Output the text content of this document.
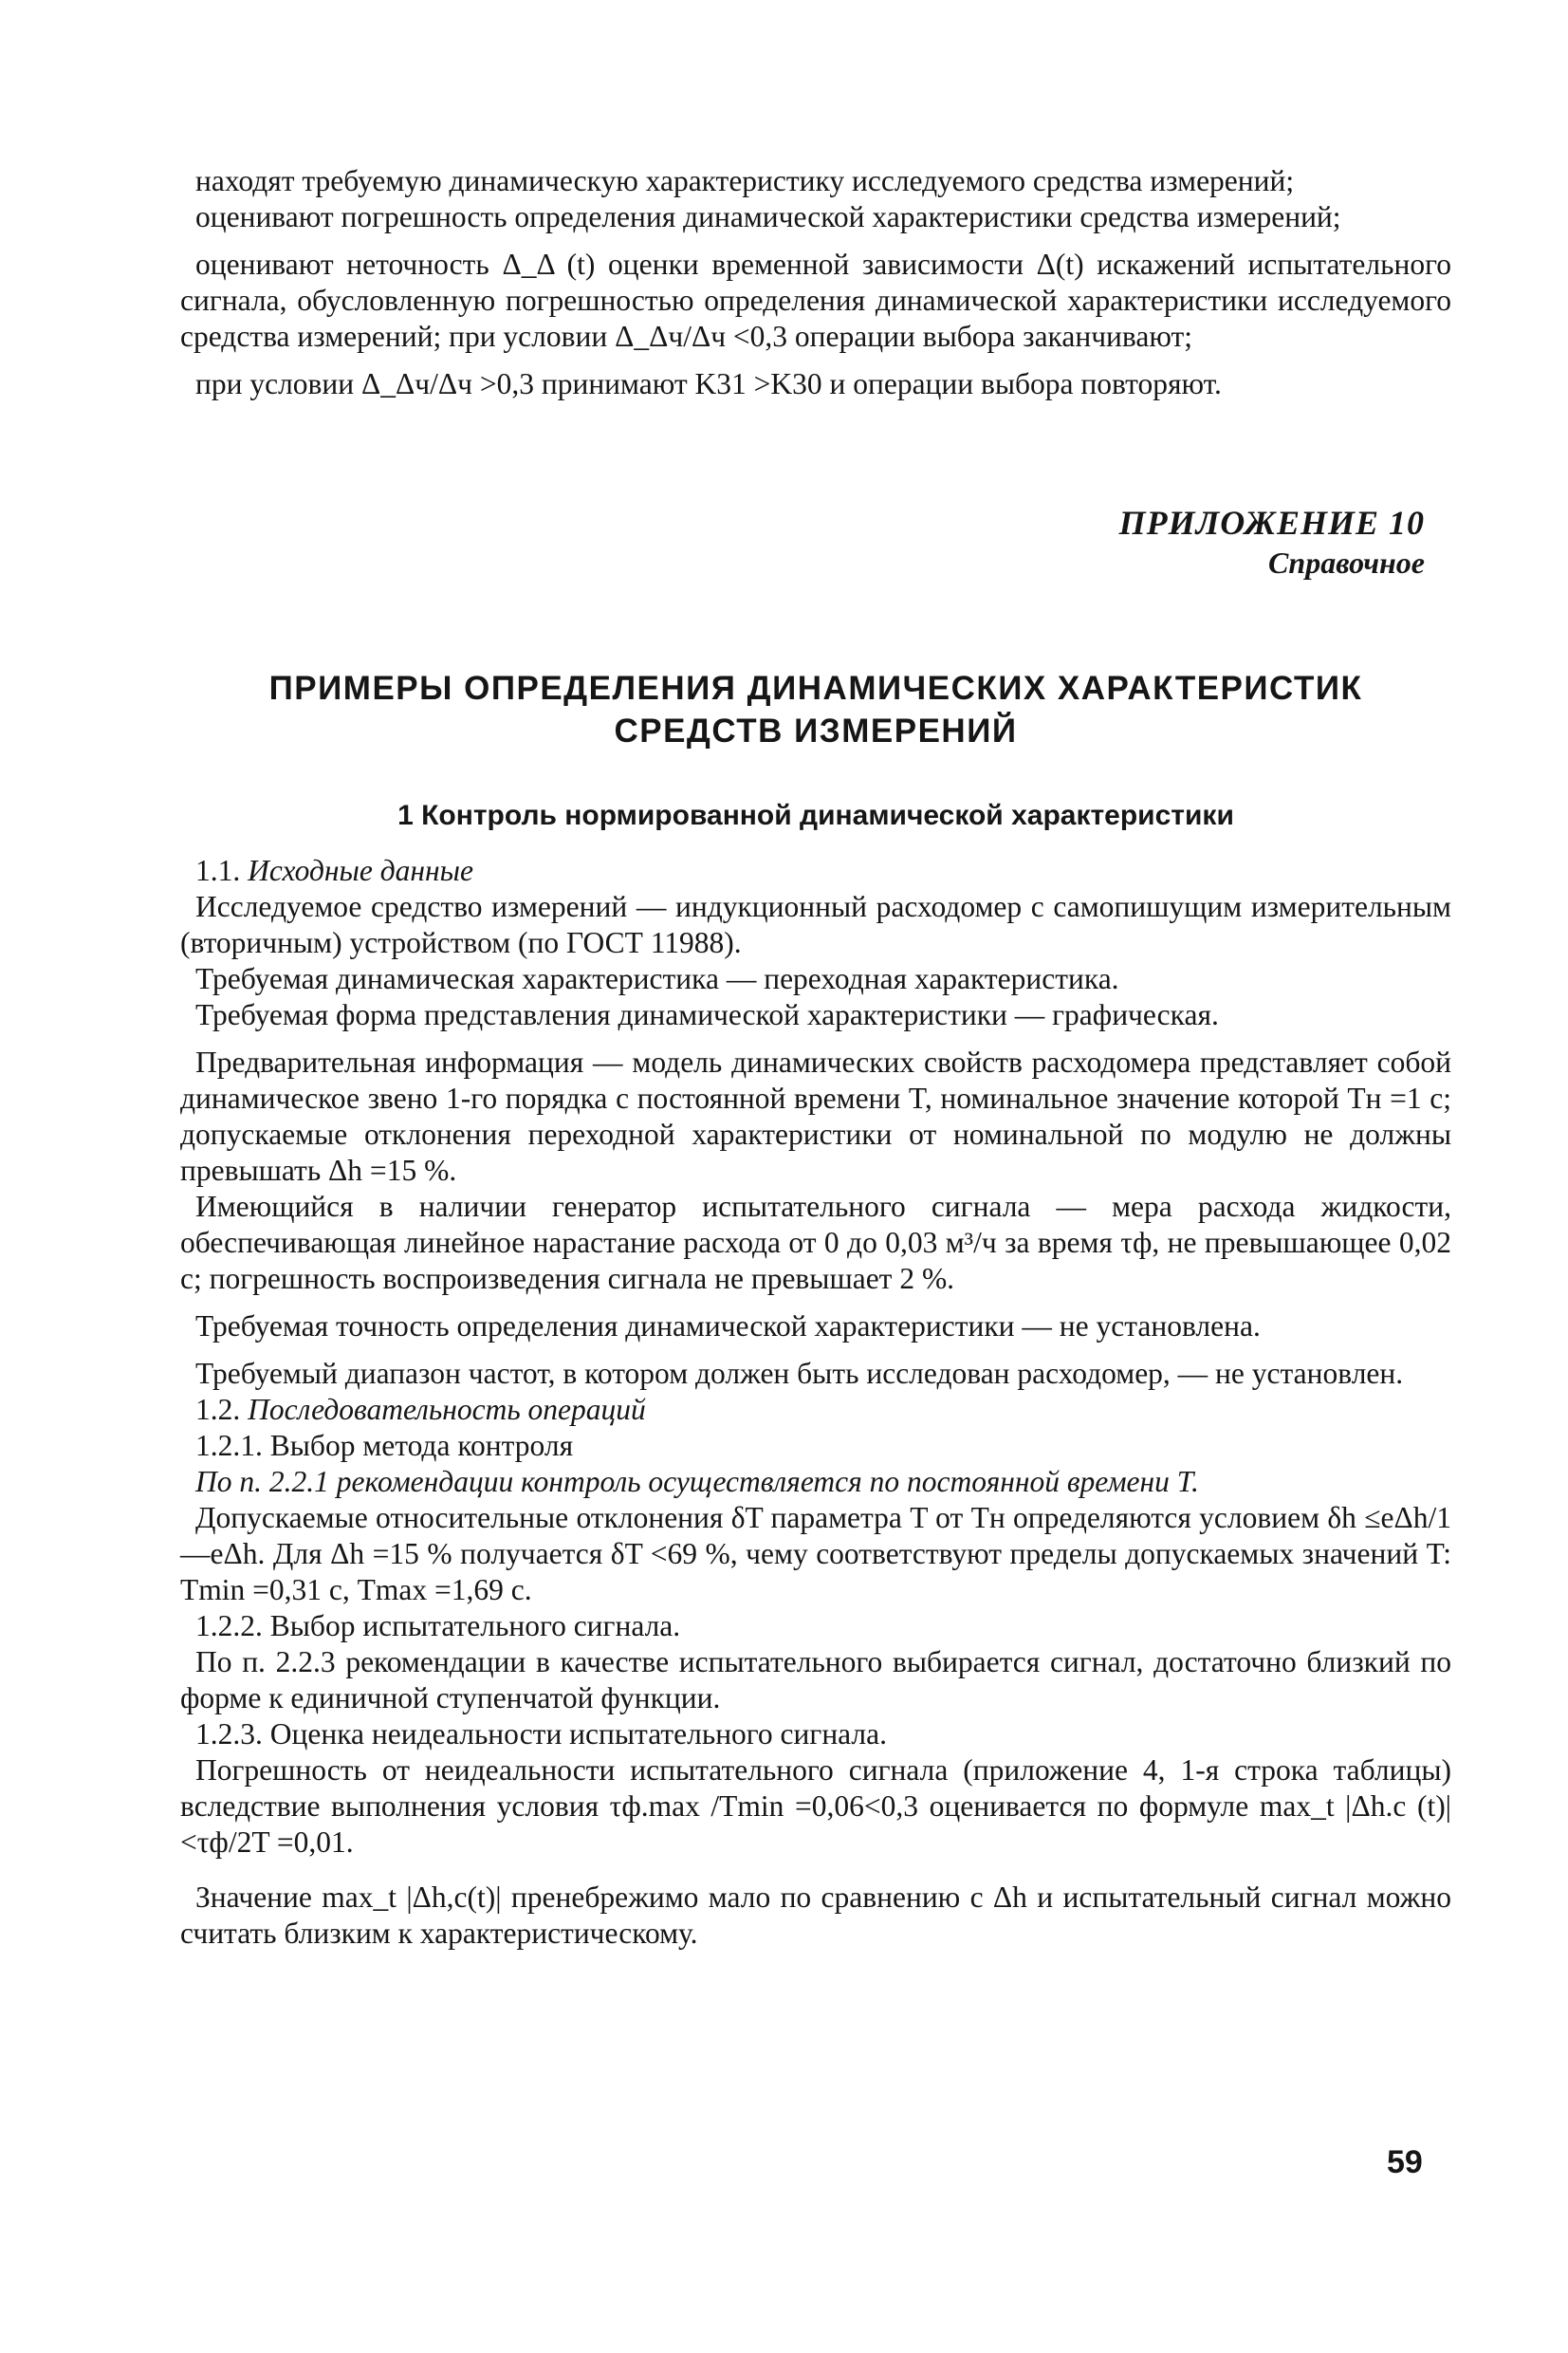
находят требуемую динамическую характеристику исследуемого средства измерений;

оценивают погрешность определения динамической характеристики средства измерений;

оценивают неточность Δ_Δ (t) оценки временной зависимости Δ(t) искажений испытательного сигнала, обусловленную погрешностью определения динамической характеристики исследуемого средства измерений; при условии Δ_Δч/Δч <0,3 операции выбора заканчивают;

при условии Δ_Δч/Δч >0,3 принимают K31 >K30 и операции выбора повторяют.

ПРИЛОЖЕНИЕ 10
Справочное
ПРИМЕРЫ ОПРЕДЕЛЕНИЯ ДИНАМИЧЕСКИХ ХАРАКТЕРИСТИК
СРЕДСТВ ИЗМЕРЕНИЙ
1 Контроль нормированной динамической характеристики

1.1. Исходные данные

Исследуемое средство измерений — индукционный расходомер с самопишущим измерительным (вторичным) устройством (по ГОСТ 11988).

Требуемая динамическая характеристика — переходная характеристика.

Требуемая форма представления динамической характеристики — графическая.

Предварительная информация — модель динамических свойств расходомера представляет собой динамическое звено 1-го порядка с постоянной времени T, номинальное значение которой Tн =1 с; допускаемые отклонения переходной характеристики от номинальной по модулю не должны превышать Δh =15 %.

Имеющийся в наличии генератор испытательного сигнала — мера расхода жидкости, обеспечивающая линейное нарастание расхода от 0 до 0,03 м³/ч за время τф, не превышающее 0,02 с; погрешность воспроизведения сигнала не превышает 2 %.

Требуемая точность определения динамической характеристики — не установлена.

Требуемый диапазон частот, в котором должен быть исследован расходомер, — не установлен.

1.2. Последовательность операций

1.2.1. Выбор метода контроля

По п. 2.2.1 рекомендации контроль осуществляется по постоянной времени T.

Допускаемые относительные отклонения δT параметра T от Tн определяются условием δh ≤eΔh/1—eΔh. Для Δh =15 % получается δT <69 %, чему соответствуют пределы допускаемых значений T: Tmin =0,31 с, Tmax =1,69 с.

1.2.2. Выбор испытательного сигнала.

По п. 2.2.3 рекомендации в качестве испытательного выбирается сигнал, достаточно близкий по форме к единичной ступенчатой функции.

1.2.3. Оценка неидеальности испытательного сигнала.

Погрешность от неидеальности испытательного сигнала (приложение 4, 1-я строка таблицы) вследствие выполнения условия τф.max /Tmin =0,06<0,3 оценивается по формуле max_t |Δh.c (t)| <τф/2T =0,01.

Значение max_t |Δh,c(t)| пренебрежимо мало по сравнению с Δh и испытательный сигнал можно считать близким к характеристическому.

59
